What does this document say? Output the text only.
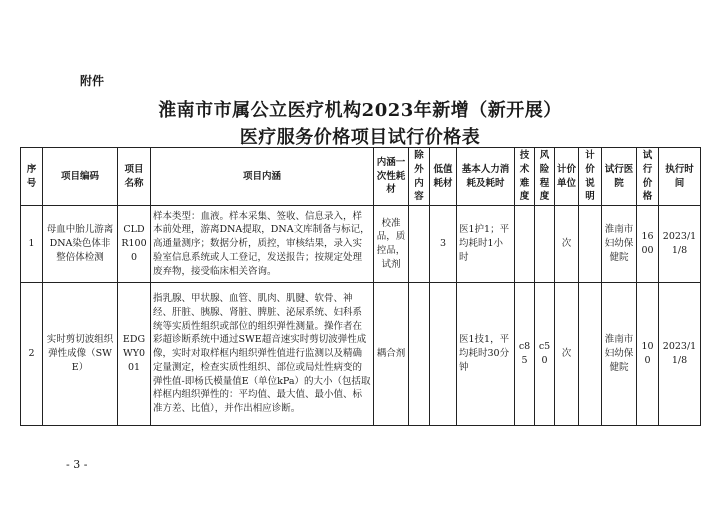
附件
淮南市市属公立医疗机构2023年新增（新开展）
医疗服务价格项目试行价格表
序号	项目编码	项目名称	项目内涵	内涵一次性耗材	除外内容	低值耗材	基本人力消耗及耗时	技术难度	风险程度	计价单位	计价说明	试行医院	试行价格	执行时间
1	母血中胎儿游离DNA染色体非整倍体检测	CLDR1000	样本类型：血液。样本采集、签收、信息录入，样本前处理，游离DNA提取，DNA文库制备与标记，高通量测序；数据分析，质控，审核结果，录入实验室信息系统或人工登记，发送报告；按规定处理废弃物，接受临床相关咨询。	校准品，质控品，试剂		3	医1护1；平均耗时1小时			次		淮南市妇幼保健院	1600	2023/11/8
2	实时剪切波组织弹性成像（SWE）	EDGWY001	指乳腺、甲状腺、血管、肌肉、肌腱、软骨、神经、肝脏、胰腺、肾脏、脾脏、泌尿系统、妇科系统等实质性组织或部位的组织弹性测量。操作者在彩超诊断系统中通过SWE超音速实时剪切波弹性成像，实时对取样框内组织弹性值进行监测以及精确定量测定，检查实质性组织、部位或局灶性病变的弹性值-即杨氏模量值E（单位kPa）的大小（包括取样框内组织弹性的：平均值、最大值、最小值、标准方差、比值），并作出相应诊断。	耦合剂			医1技1，平均耗时30分钟	c85	c50	次		淮南市妇幼保健院	100	2023/11/8
- 3 -
